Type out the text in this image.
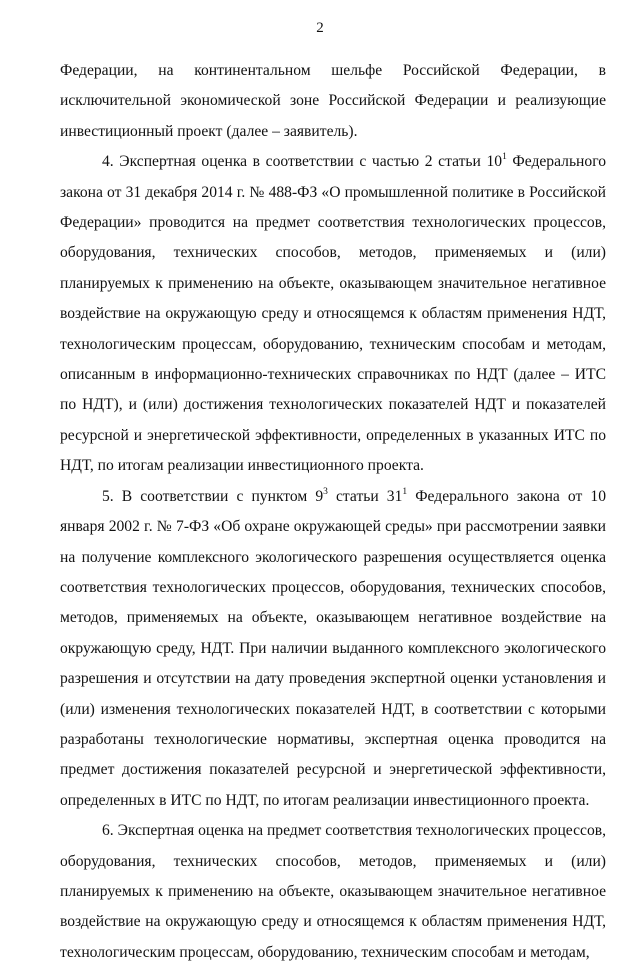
2

Федерации, на континентальном шельфе Российской Федерации, в исключительной экономической зоне Российской Федерации и реализующие инвестиционный проект (далее – заявитель).

4. Экспертная оценка в соответствии с частью 2 статьи $10^1$ Федерального закона от 31 декабря 2014 г. № 488-ФЗ «О промышленной политике в Российской Федерации» проводится на предмет соответствия технологических процессов, оборудования, технических способов, методов, применяемых и (или) планируемых к применению на объекте, оказывающем значительное негативное воздействие на окружающую среду и относящемся к областям применения НДТ, технологическим процессам, оборудованию, техническим способам и методам, описанным в информационно-технических справочниках по НДТ (далее – ИТС по НДТ), и (или) достижения технологических показателей НДТ и показателей ресурсной и энергетической эффективности, определенных в указанных ИТС по НДТ, по итогам реализации инвестиционного проекта.

5. В соответствии с пунктом $9^3$ статьи $31^1$ Федерального закона от 10 января 2002 г. № 7-ФЗ «Об охране окружающей среды» при рассмотрении заявки на получение комплексного экологического разрешения осуществляется оценка соответствия технологических процессов, оборудования, технических способов, методов, применяемых на объекте, оказывающем негативное воздействие на окружающую среду, НДТ. При наличии выданного комплексного экологического разрешения и отсутствии на дату проведения экспертной оценки установления и (или) изменения технологических показателей НДТ, в соответствии с которыми разработаны технологические нормативы, экспертная оценка проводится на предмет достижения показателей ресурсной и энергетической эффективности, определенных в ИТС по НДТ, по итогам реализации инвестиционного проекта.

6. Экспертная оценка на предмет соответствия технологических процессов, оборудования, технических способов, методов, применяемых и (или) планируемых к применению на объекте, оказывающем значительное негативное воздействие на окружающую среду и относящемся к областям применения НДТ, технологическим процессам, оборудованию, техническим способам и методам,
